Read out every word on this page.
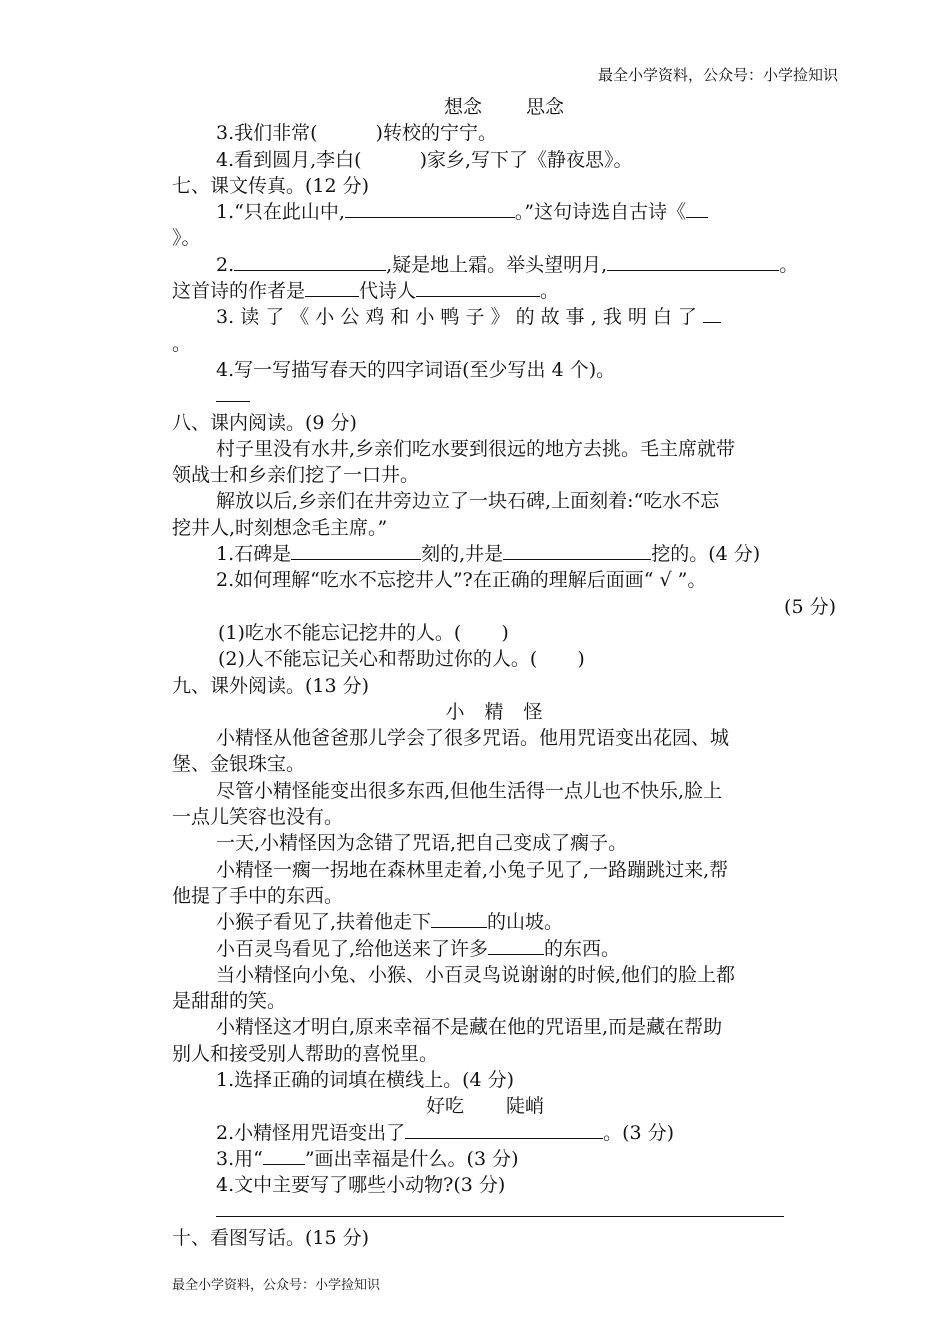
最全小学资料，公众号：小学捡知识
想念 思念
3.我们非常(	)转校的宁宁。
4.看到圆月,李白(	)家乡,写下了《静夜思》。
七、课文传真。(12 分)
1.“只在此山中,	。”这句诗选自古诗《
》。
2.	,疑是地上霜。举头望明月,	。
这首诗的作者是	代诗人	。
3. 读 了 《 小 公 鸡 和 小 鸭 子 》 的 故 事 , 我 明 白 了
。
4.写一写描写春天的四字词语(至少写出 4 个)。
八、课内阅读。(9 分)
村子里没有水井,乡亲们吃水要到很远的地方去挑。毛主席就带
领战士和乡亲们挖了一口井。
解放以后,乡亲们在井旁边立了一块石碑,上面刻着:“吃水不忘
挖井人,时刻想念毛主席。”
1.石碑是	刻的,井是	挖的。(4 分)
2.如何理解“吃水不忘挖井人”?在正确的理解后面画“ √ ”。
(5 分)
(1)吃水不能忘记挖井的人。( )
(2)人不能忘记关心和帮助过你的人。( )
九、课外阅读。(13 分)
小精怪
小精怪从他爸爸那儿学会了很多咒语。他用咒语变出花园、城
堡、金银珠宝。
尽管小精怪能变出很多东西,但他生活得一点儿也不快乐,脸上
一点儿笑容也没有。
一天,小精怪因为念错了咒语,把自己变成了瘸子。
小精怪一瘸一拐地在森林里走着,小兔子见了,一路蹦跳过来,帮
他提了手中的东西。
小猴子看见了,扶着他走下	的山坡。
小百灵鸟看见了,给他送来了许多	的东西。
当小精怪向小兔、小猴、小百灵鸟说谢谢的时候,他们的脸上都
是甜甜的笑。
小精怪这才明白,原来幸福不是藏在他的咒语里,而是藏在帮助
别人和接受别人帮助的喜悦里。
1.选择正确的词填在横线上。(4 分)
好吃 陡峭
2.小精怪用咒语变出了	。(3 分)
3.用“ ”画出幸福是什么。(3 分)
4.文中主要写了哪些小动物?(3 分)
十、看图写话。(15 分)
最全小学资料，公众号：小学捡知识
